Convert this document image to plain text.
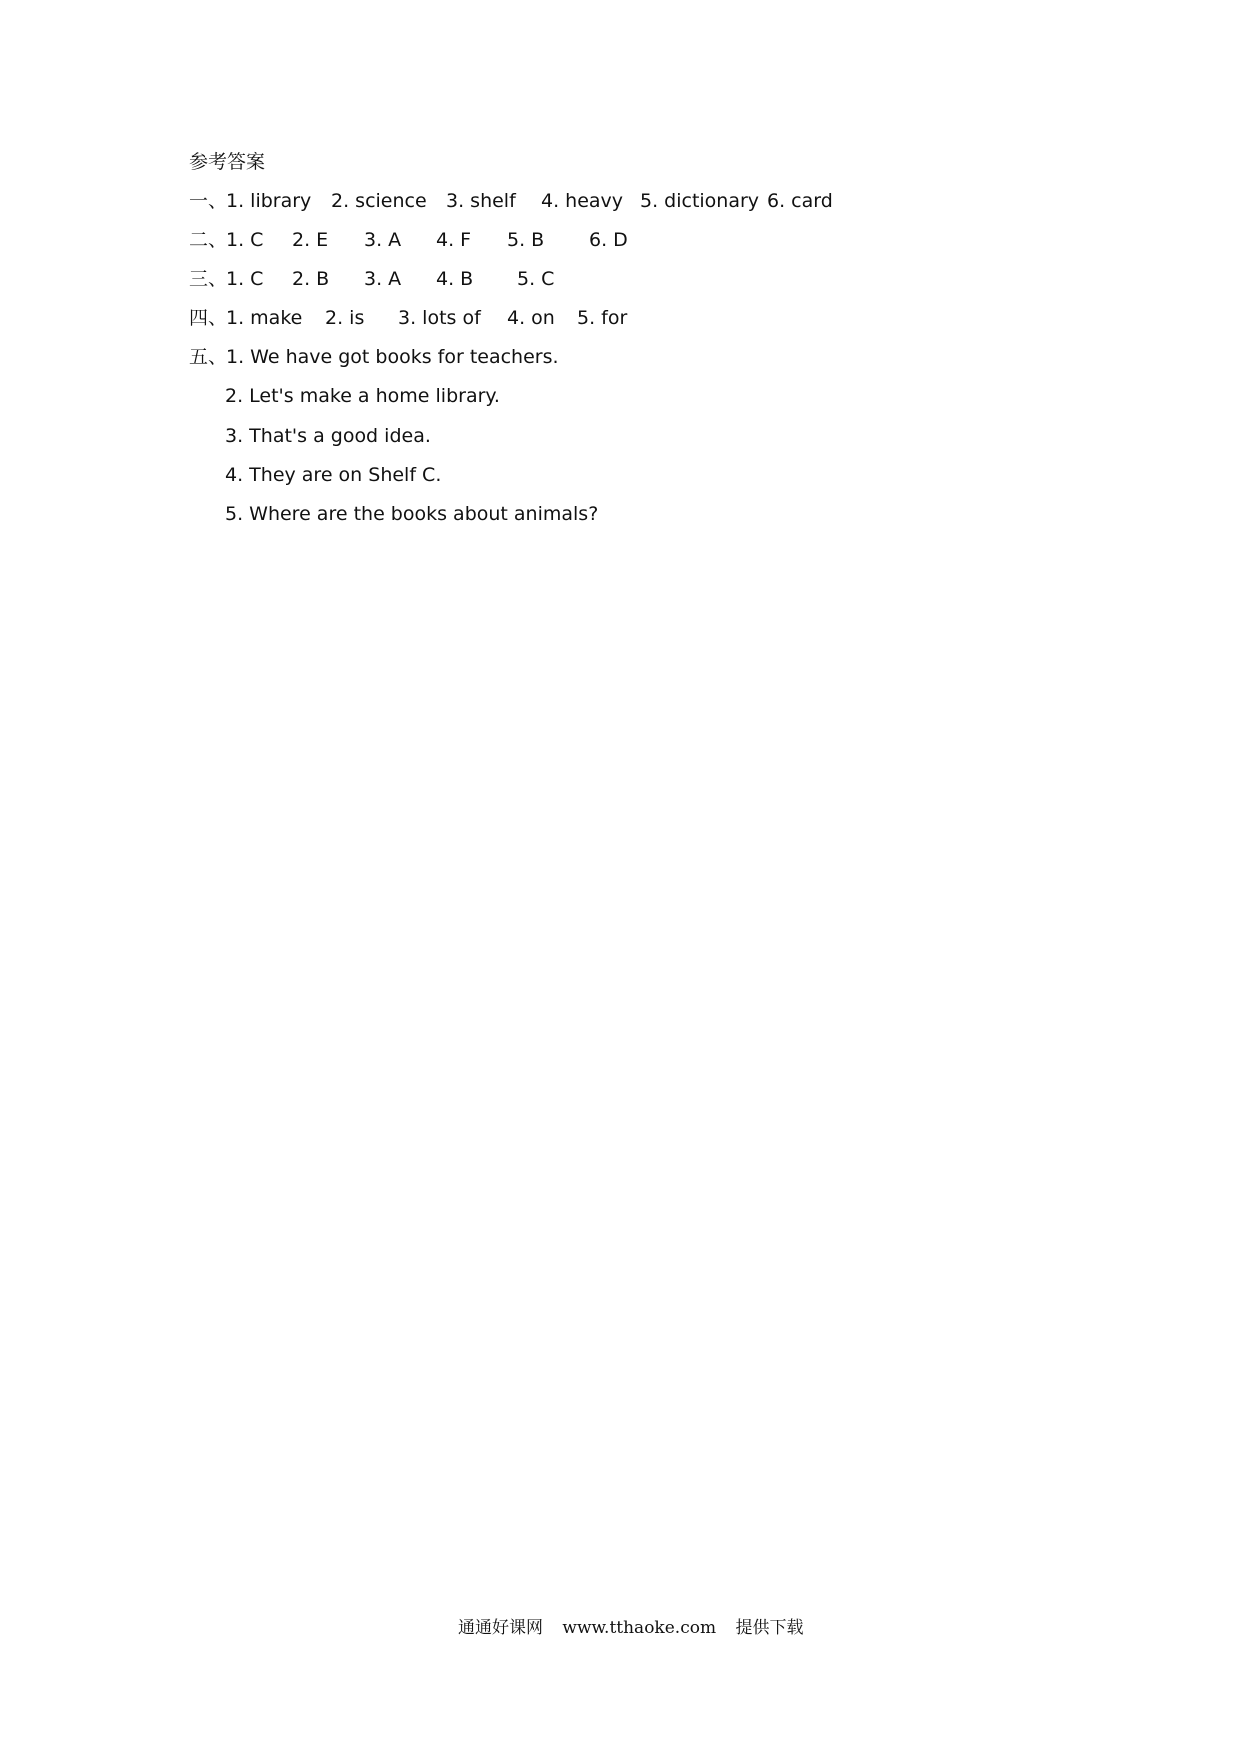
参考答案
一、
1. library 2. science 3. shelf 4. heavy 5. dictionary 6. card
二、
1. C 2. E 3. A 4. F 5. B 6. D
三、
1. C 2. B 3. A 4. B 5. C
四、
1. make 2. is 3. lots of 4. on 5. for
五、
1. We have got books for teachers.
2. Let's make a home library.
3. That's a good idea.
4. They are on Shelf C.
5. Where are the books about animals?
通通好课网 www.tthaoke.com 提供下载
